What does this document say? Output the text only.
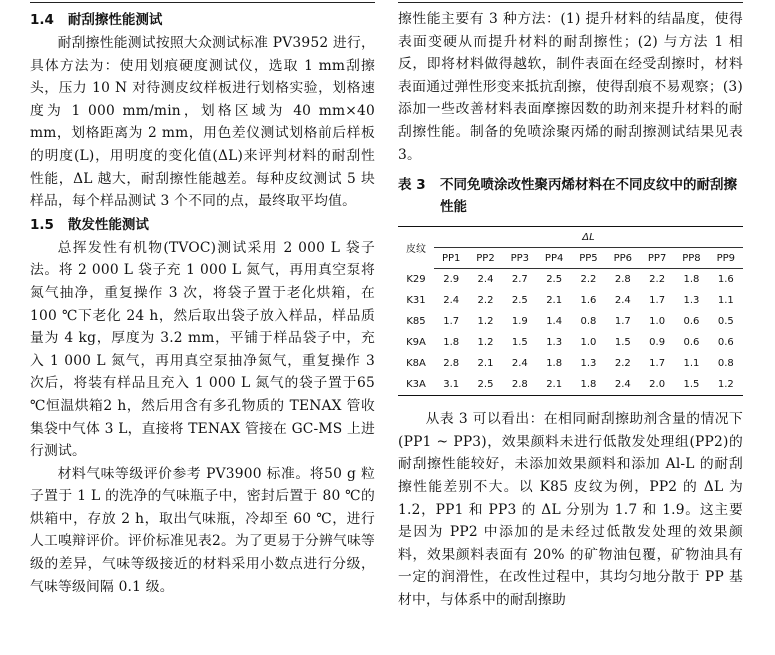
1.4 耐刮擦性能测试

耐刮擦性能测试按照大众测试标准 PV3952 进行，具体方法为：使用划痕硬度测试仪，选取 1 mm刮擦头，压力 10 N 对待测皮纹样板进行划格实验，划格速度为 1 000 mm/min，划格区域为 40 mm×40 mm，划格距离为 2 mm，用色差仪测试划格前后样板的明度(L)，用明度的变化值(ΔL)来评判材料的耐刮性性能，ΔL 越大，耐刮擦性能越差。每种皮纹测试 5 块样品，每个样品测试 3 个不同的点，最终取平均值。

1.5 散发性能测试

总挥发性有机物(TVOC)测试采用 2 000 L 袋子法。将 2 000 L 袋子充 1 000 L 氮气，再用真空泵将氮气抽净，重复操作 3 次，将袋子置于老化烘箱，在 100 ℃下老化 24 h，然后取出袋子放入样品，样品质量为 4 kg，厚度为 3.2 mm，平铺于样品袋子中，充入 1 000 L 氮气，再用真空泵抽净氮气，重复操作 3 次后，将装有样品且充入 1 000 L 氮气的袋子置于65 ℃恒温烘箱2 h，然后用含有多孔物质的 TENAX 管收集袋中气体 3 L，直接将 TENAX 管接在 GC-MS 上进行测试。

材料气味等级评价参考 PV3900 标准。将50 g 粒子置于 1 L 的洗净的气味瓶子中，密封后置于 80 ℃的烘箱中，存放 2 h，取出气味瓶，冷却至 60 ℃，进行人工嗅辩评价。评价标准见表2。为了更易于分辨气味等级的差异，气味等级接近的材料采用小数点进行分级，气味等级间隔 0.1 级。

擦性能主要有 3 种方法：(1) 提升材料的结晶度，使得表面变硬从而提升材料的耐刮擦性；(2) 与方法 1 相反，即将材料做得越软，制件表面在经受刮擦时，材料表面通过弹性形变来抵抗刮擦，使得刮痕不易观察；(3) 添加一些改善材料表面摩擦因数的助剂来提升材料的耐刮擦性能。制备的免喷涂聚丙烯的耐刮擦测试结果见表 3。

表 3	不同免喷涂改性聚丙烯材料在不同皮纹中的耐刮擦性能
皮纹	ΔL								
	PP1	PP2	PP3	PP4	PP5	PP6	PP7	PP8	PP9
K29	2.9	2.4	2.7	2.5	2.2	2.8	2.2	1.8	1.6
K31	2.4	2.2	2.5	2.1	1.6	2.4	1.7	1.3	1.1
K85	1.7	1.2	1.9	1.4	0.8	1.7	1.0	0.6	0.5
K9A	1.8	1.2	1.5	1.3	1.0	1.5	0.9	0.6	0.6
K8A	2.8	2.1	2.4	1.8	1.3	2.2	1.7	1.1	0.8
K3A	3.1	2.5	2.8	2.1	1.8	2.4	2.0	1.5	1.2

从表 3 可以看出：在相同耐刮擦助剂含量的情况下(PP1 ~ PP3)，效果颜料未进行低散发处理组(PP2)的耐刮擦性能较好，未添加效果颜料和添加 Al-L 的耐刮擦性能差别不大。以 K85 皮纹为例，PP2 的 ΔL 为 1.2，PP1 和 PP3 的 ΔL 分别为 1.7 和 1.9。这主要是因为 PP2 中添加的是未经过低散发处理的效果颜料，效果颜料表面有 20% 的矿物油包覆，矿物油具有一定的润滑性，在改性过程中，其均匀地分散于 PP 基材中，与体系中的耐刮擦助
